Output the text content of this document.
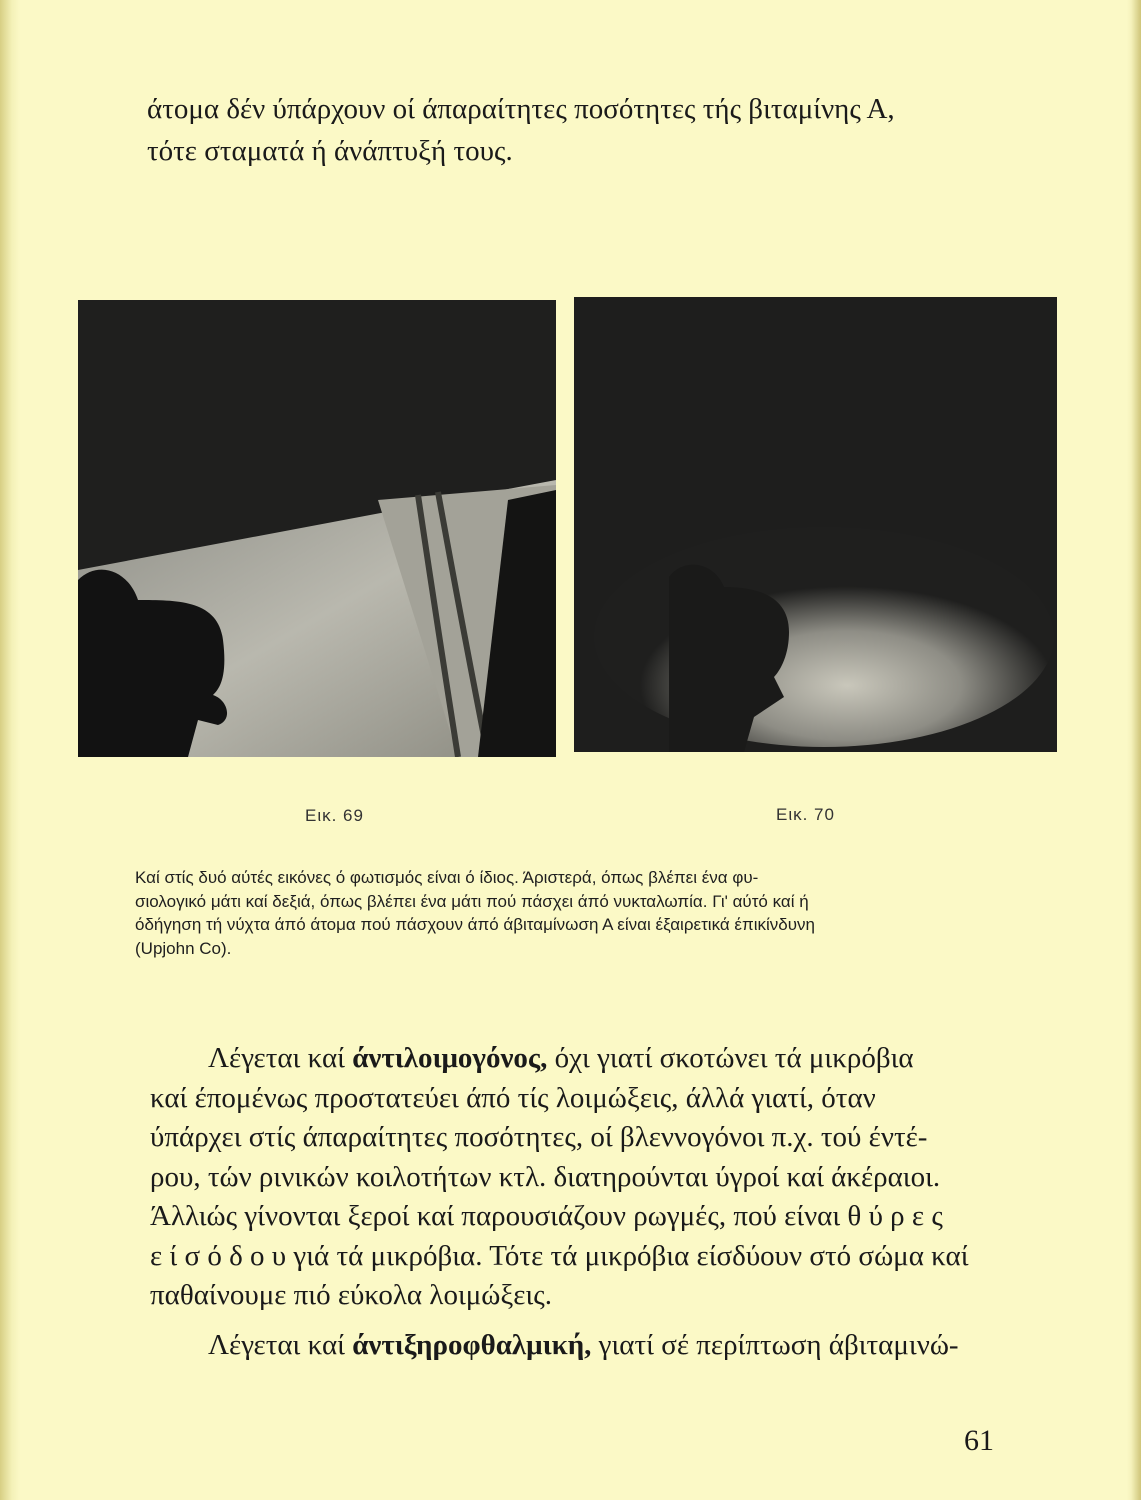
άτομα δέν ύπάρχουν οί άπαραίτητες ποσότητες τής βιταμίνης Α,
τότε σταματά ή άνάπτυξή τους.
Εικ. 69	Εικ. 70
Καί στίς δυό αύτές εικόνες ό φωτισμός είναι ό ίδιος. Άριστερά, όπως βλέπει ένα φυ-
σιολογικό μάτι καί δεξιά, όπως βλέπει ένα μάτι πού πάσχει άπό νυκταλωπία. Γι' αύτό καί ή
όδήγηση τή νύχτα άπό άτομα πού πάσχουν άπό άβιταμίνωση Α είναι έξαιρετικά έπικίνδυνη
(Upjohn Co).
Λέγεται καί άντιλοιμογόνος, όχι γιατί σκοτώνει τά μικρόβια
καί έπομένως προστατεύει άπό τίς λοιμώξεις, άλλά γιατί, όταν
ύπάρχει στίς άπαραίτητες ποσότητες, οί βλεννογόνοι π.χ. τού έντέ-
ρου, τών ρινικών κοιλοτήτων κτλ. διατηρούνται ύγροί καί άκέραιοι.
Άλλιώς γίνονται ξεροί καί παρουσιάζουν ρωγμές, πού είναι θ ύ ρ ε ς
ε ί σ ό δ ο υ γιά τά μικρόβια. Τότε τά μικρόβια είσδύουν στό σώμα καί
παθαίνουμε πιό εύκολα λοιμώξεις.
Λέγεται καί άντιξηροφθαλμική, γιατί σέ περίπτωση άβιταμινώ-
61
